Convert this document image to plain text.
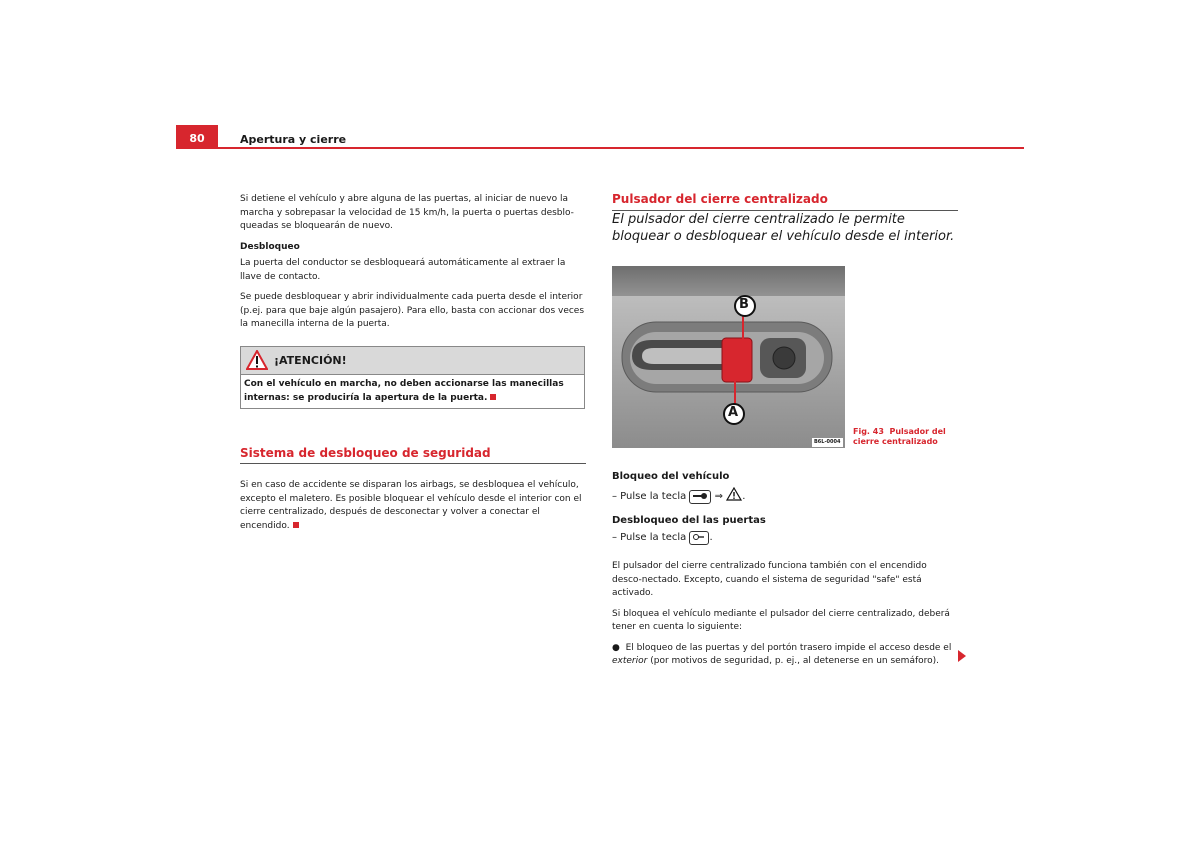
80	Apertura y cierre

Si detiene el vehículo y abre alguna de las puertas, al iniciar de nuevo la marcha y sobrepasar la velocidad de 15 km/h, la puerta o puertas desblo-queadas se bloquearán de nuevo.

Desbloqueo

La puerta del conductor se desbloqueará automáticamente al extraer la llave de contacto.

Se puede desbloquear y abrir individualmente cada puerta desde el interior (p.ej. para que baje algún pasajero). Para ello, basta con accionar dos veces la manecilla interna de la puerta.

¡ATENCIÓN!
Con el vehículo en marcha, no deben accionarse las manecillas internas: se produciría la apertura de la puerta.
Sistema de desbloqueo de seguridad

Si en caso de accidente se disparan los airbags, se desbloquea el vehículo, excepto el maletero. Es posible bloquear el vehículo desde el interior con el cierre centralizado, después de desconectar y volver a conectar el encendido.

Pulsador del cierre centralizado

El pulsador del cierre centralizado le permite bloquear o desbloquear el vehículo desde el interior.

B
A
B6L-0004
Fig. 43 Pulsador del cierre centralizado
Bloqueo del vehículo
– Pulse la tecla	⇒ .
Desbloqueo del las puertas
– Pulse la tecla .

El pulsador del cierre centralizado funciona también con el encendido desco-nectado. Excepto, cuando el sistema de seguridad "safe" está activado.

Si bloquea el vehículo mediante el pulsador del cierre centralizado, deberá tener en cuenta lo siguiente:

● El bloqueo de las puertas y del portón trasero impide el acceso desde el exterior (por motivos de seguridad, p. ej., al detenerse en un semáforo).
